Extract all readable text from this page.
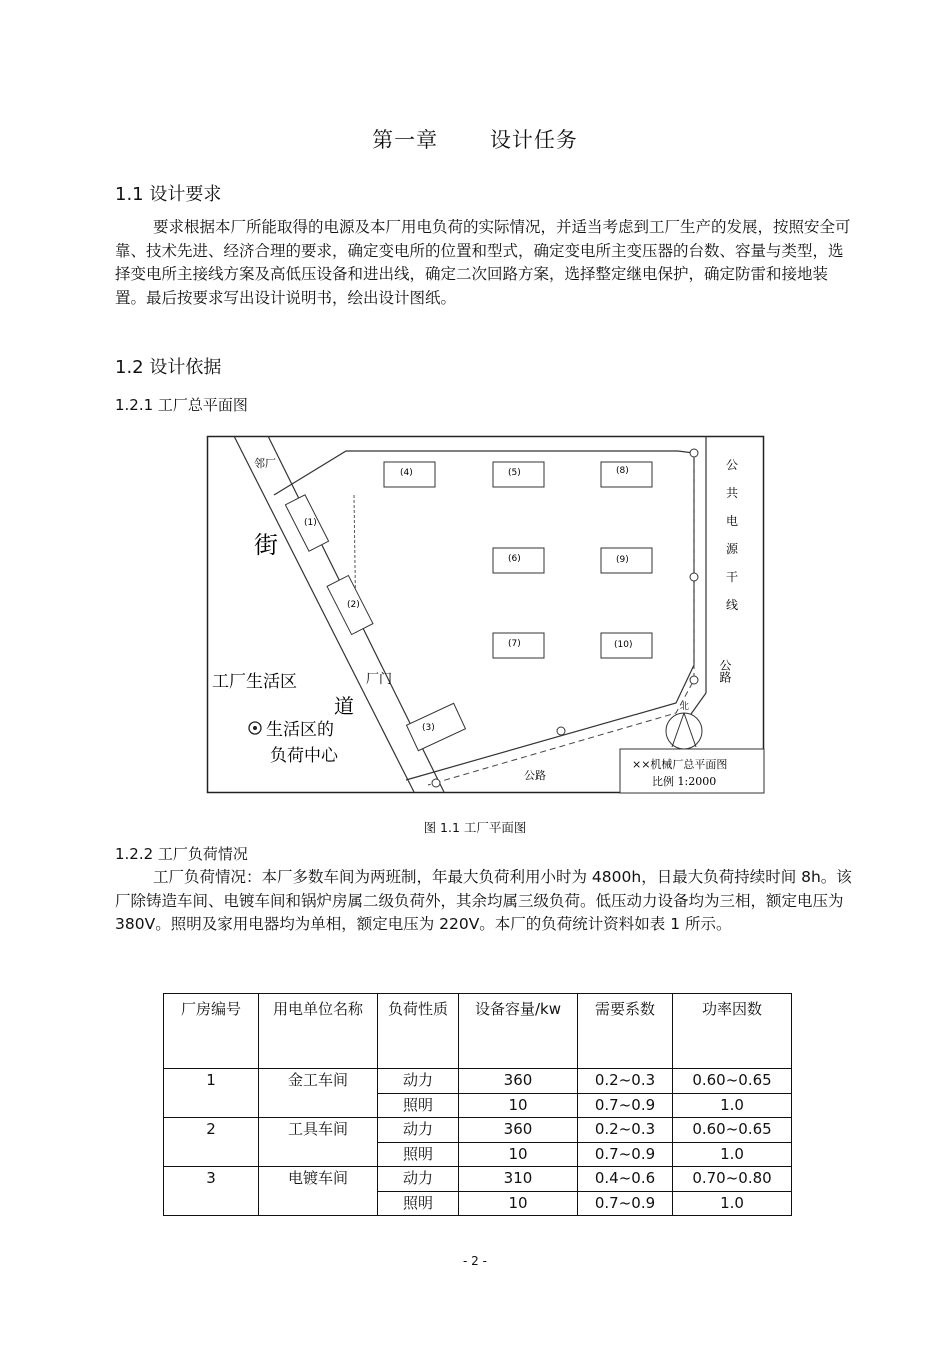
第一章 设计任务
1.1 设计要求
要求根据本厂所能取得的电源及本厂用电负荷的实际情况，并适当考虑到工厂生产的发展，按照安全可靠、技术先进、经济合理的要求，确定变电所的位置和型式，确定变电所主变压器的台数、容量与类型，选择变电所主接线方案及高低压设备和进出线，确定二次回路方案，选择整定继电保护，确定防雷和接地装置。最后按要求写出设计说明书，绘出设计图纸。
1.2 设计依据
1.2.1 工厂总平面图
(1)
(2)
(3)
(4)	(5)
(6)
(7)
(8)
(9)
(10)
邻厂
街
道
厂门
工厂生活区
生活区的
负荷中心
公
共
电
源
干
线
公路
公路
北
××机械厂总平面图
比例 1:2000
图 1.1 工厂平面图
1.2.2 工厂负荷情况
工厂负荷情况：本厂多数车间为两班制，年最大负荷利用小时为 4800h，日最大负荷持续时间 8h。该厂除铸造车间、电镀车间和锅炉房属二级负荷外，其余均属三级负荷。低压动力设备均为三相，额定电压为 380V。照明及家用电器均为单相，额定电压为 220V。本厂的负荷统计资料如表 1 所示。
厂房编号	用电单位名称	负荷性质	设备容量/kw	需要系数	功率因数
1	金工车间	动力	360	0.2~0.3	0.60~0.65
		照明	10	0.7~0.9	1.0
2	工具车间	动力	360	0.2~0.3	0.60~0.65
		照明	10	0.7~0.9	1.0
3	电镀车间	动力	310	0.4~0.6	0.70~0.80
		照明	10	0.7~0.9	1.0
- 2 -
